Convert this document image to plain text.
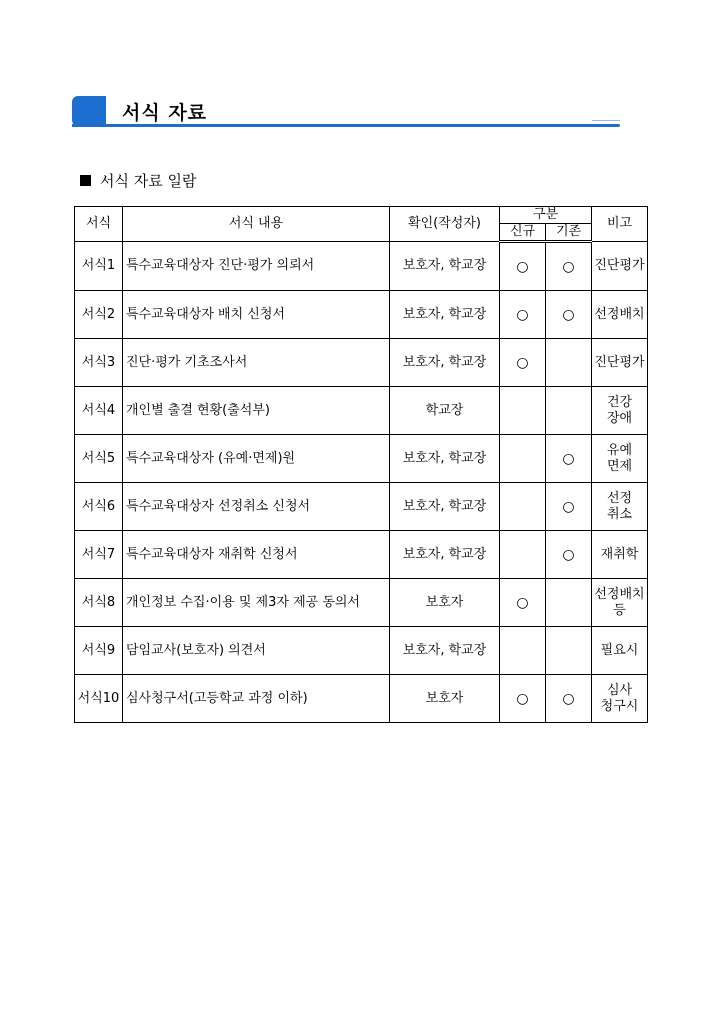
서식 자료
서식 자료 일람
서식	서식 내용	확인(작성자)	구분		비고
			신규	기존	
서식1	특수교육대상자 진단·평가 의뢰서	보호자, 학교장	○	○	진단평가
서식2	특수교육대상자 배치 신청서	보호자, 학교장	○	○	선정배치
서식3	진단·평가 기초조사서	보호자, 학교장	○		진단평가
서식4	개인별 출결 현황(출석부)	학교장			건강
장애

서식5	특수교육대상자 (유예·면제)원	보호자, 학교장		○	유예
면제

서식6	특수교육대상자 선정취소 신청서	보호자, 학교장		○	선정
취소

서식7	특수교육대상자 재취학 신청서	보호자, 학교장		○	재취학
서식8	개인정보 수집·이용 및 제3자 제공 동의서	보호자	○		선정배치
등

서식9	담임교사(보호자) 의견서	보호자, 학교장			필요시
서식10	심사청구서(고등학교 과정 이하)	보호자	○	○	심사
청구시
